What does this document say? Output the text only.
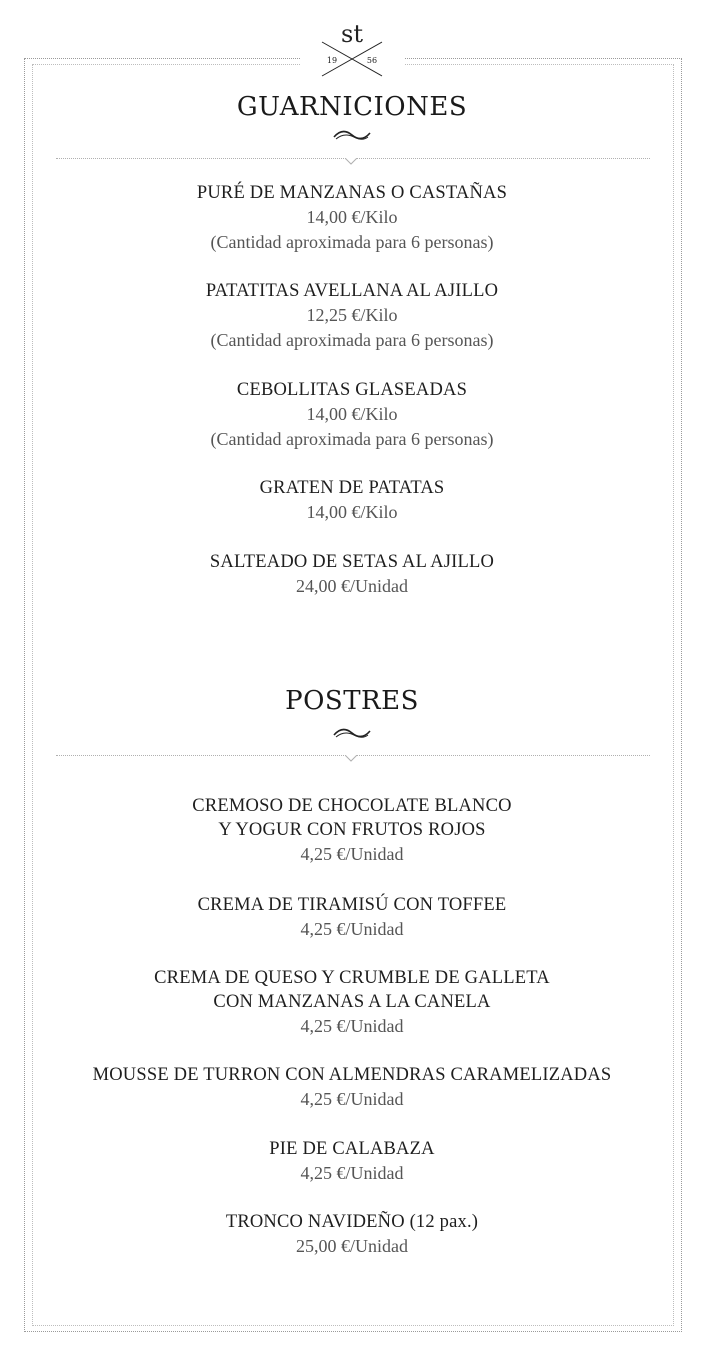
st
19	56
GUARNICIONES
PURÉ DE MANZANAS O CASTAÑAS
14,00 €/Kilo
(Cantidad aproximada para 6 personas)
PATATITAS AVELLANA AL AJILLO
12,25 €/Kilo
(Cantidad aproximada para 6 personas)
CEBOLLITAS GLASEADAS
14,00 €/Kilo
(Cantidad aproximada para 6 personas)
GRATEN DE PATATAS
14,00 €/Kilo
SALTEADO DE SETAS AL AJILLO
24,00 €/Unidad
POSTRES
CREMOSO DE CHOCOLATE BLANCO
Y YOGUR CON FRUTOS ROJOS
4,25 €/Unidad
CREMA DE TIRAMISÚ CON TOFFEE
4,25 €/Unidad
CREMA DE QUESO Y CRUMBLE DE GALLETA
CON MANZANAS A LA CANELA
4,25 €/Unidad
MOUSSE DE TURRON CON ALMENDRAS CARAMELIZADAS
4,25 €/Unidad
PIE DE CALABAZA
4,25 €/Unidad
TRONCO NAVIDEÑO (12 pax.)
25,00 €/Unidad
